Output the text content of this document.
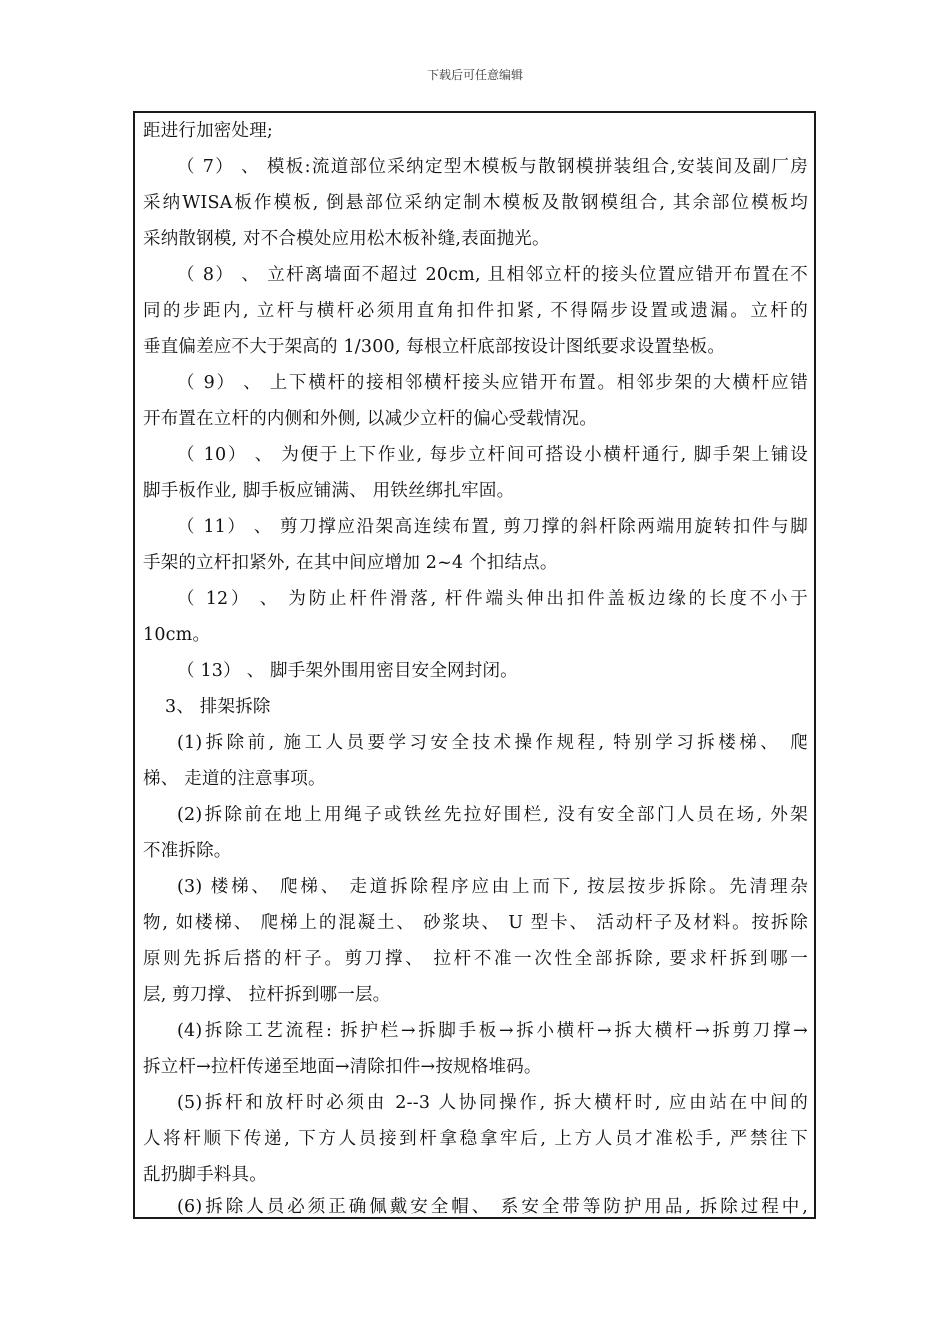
下载后可任意编辑
距进行加密处理;
（ 7） 、 模板:流道部位采纳定型木模板与散钢模拼装组合,安装间及副厂房
采纳WISA板作模板, 倒悬部位采纳定制木模板及散钢模组合, 其余部位模板均
采纳散钢模, 对不合模处应用松木板补缝,表面抛光。
（ 8） 、 立杆离墙面不超过 20cm, 且相邻立杆的接头位置应错开布置在不
同的步距内, 立杆与横杆必须用直角扣件扣紧, 不得隔步设置或遗漏。立杆的
垂直偏差应不大于架高的 1/300, 每根立杆底部按设计图纸要求设置垫板。
（ 9） 、 上下横杆的接相邻横杆接头应错开布置。相邻步架的大横杆应错
开布置在立杆的内侧和外侧, 以减少立杆的偏心受载情况。
（ 10） 、 为便于上下作业, 每步立杆间可搭设小横杆通行, 脚手架上铺设
脚手板作业, 脚手板应铺满、 用铁丝绑扎牢固。
（ 11） 、 剪刀撑应沿架高连续布置, 剪刀撑的斜杆除两端用旋转扣件与脚
手架的立杆扣紧外, 在其中间应增加 2~4 个扣结点。
（ 12） 、 为防止杆件滑落, 杆件端头伸出扣件盖板边缘的长度不小于
10cm。
（ 13） 、 脚手架外围用密目安全网封闭。
3、 排架拆除
(1)拆除前, 施工人员要学习安全技术操作规程, 特别学习拆楼梯、 爬
梯、 走道的注意事项。
(2)拆除前在地上用绳子或铁丝先拉好围栏, 没有安全部门人员在场, 外架
不准拆除。
(3) 楼梯、 爬梯、 走道拆除程序应由上而下, 按层按步拆除。先清理杂
物, 如楼梯、 爬梯上的混凝土、 砂浆块、 U 型卡、 活动杆子及材料。按拆除
原则先拆后搭的杆子。剪刀撑、 拉杆不准一次性全部拆除, 要求杆拆到哪一
层, 剪刀撑、 拉杆拆到哪一层。
(4)拆除工艺流程: 拆护栏→拆脚手板→拆小横杆→拆大横杆→拆剪刀撑→
拆立杆→拉杆传递至地面→清除扣件→按规格堆码。
(5)拆杆和放杆时必须由 2--3 人协同操作, 拆大横杆时, 应由站在中间的
人将杆顺下传递, 下方人员接到杆拿稳拿牢后, 上方人员才准松手, 严禁往下
乱扔脚手料具。
(6)拆除人员必须正确佩戴安全帽、 系安全带等防护用品, 拆除过程中,
